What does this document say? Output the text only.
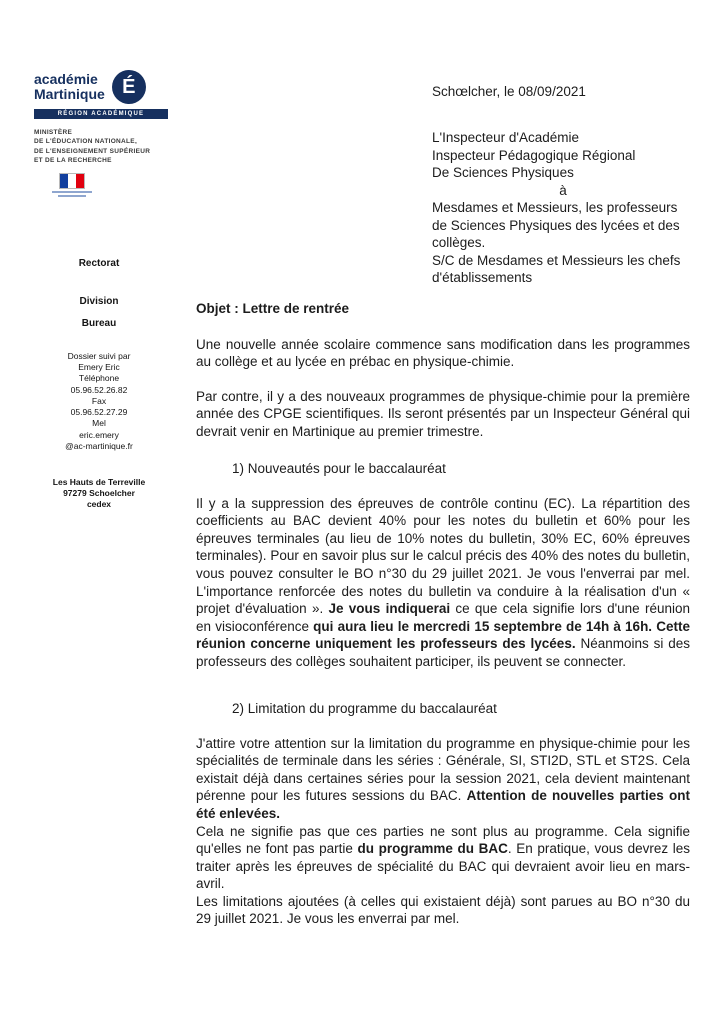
académie
Martinique É
RÉGION ACADÉMIQUE
MINISTÈRE
DE L'ÉDUCATION NATIONALE,
DE L'ENSEIGNEMENT SUPÉRIEUR
ET DE LA RECHERCHE
Rectorat
Division
Bureau
Dossier suivi par
Emery Eric
Téléphone
05.96.52.26.82
Fax
05.96.52.27.29
Mel
eric.emery
@ac-martinique.fr
Les Hauts de Terreville
97279 Schoelcher
cedex
Schœlcher, le 08/09/2021
L'Inspecteur d'Académie
Inspecteur Pédagogique Régional
De Sciences Physiques
à
Mesdames et Messieurs, les professeurs de Sciences Physiques des lycées et des collèges.
S/C de Mesdames et Messieurs les chefs d'établissements
Objet : Lettre de rentrée

Une nouvelle année scolaire commence sans modification dans les programmes au collège et au lycée en prébac en physique-chimie.

Par contre, il y a des nouveaux programmes de physique-chimie pour la première année des CPGE scientifiques. Ils seront présentés par un Inspecteur Général qui devrait venir en Martinique au premier trimestre.

1) Nouveautés pour le baccalauréat

Il y a la suppression des épreuves de contrôle continu (EC). La répartition des coefficients au BAC devient 40% pour les notes du bulletin et 60% pour les épreuves terminales (au lieu de 10% notes du bulletin, 30% EC, 60% épreuves terminales). Pour en savoir plus sur le calcul précis des 40% des notes du bulletin, vous pouvez consulter le BO n°30 du 29 juillet 2021. Je vous l'enverrai par mel. L'importance renforcée des notes du bulletin va conduire à la réalisation d'un « projet d'évaluation ». Je vous indiquerai ce que cela signifie lors d'une réunion en visioconférence qui aura lieu le mercredi 15 septembre de 14h à 16h. Cette réunion concerne uniquement les professeurs des lycées. Néanmoins si des professeurs des collèges souhaitent participer, ils peuvent se connecter.

2) Limitation du programme du baccalauréat

J'attire votre attention sur la limitation du programme en physique-chimie pour les spécialités de terminale dans les séries : Générale, SI, STI2D, STL et ST2S. Cela existait déjà dans certaines séries pour la session 2021, cela devient maintenant pérenne pour les futures sessions du BAC. Attention de nouvelles parties ont été enlevées.

Cela ne signifie pas que ces parties ne sont plus au programme. Cela signifie qu'elles ne font pas partie du programme du BAC. En pratique, vous devrez les traiter après les épreuves de spécialité du BAC qui devraient avoir lieu en mars-avril.

Les limitations ajoutées (à celles qui existaient déjà) sont parues au BO n°30 du 29 juillet 2021. Je vous les enverrai par mel.
